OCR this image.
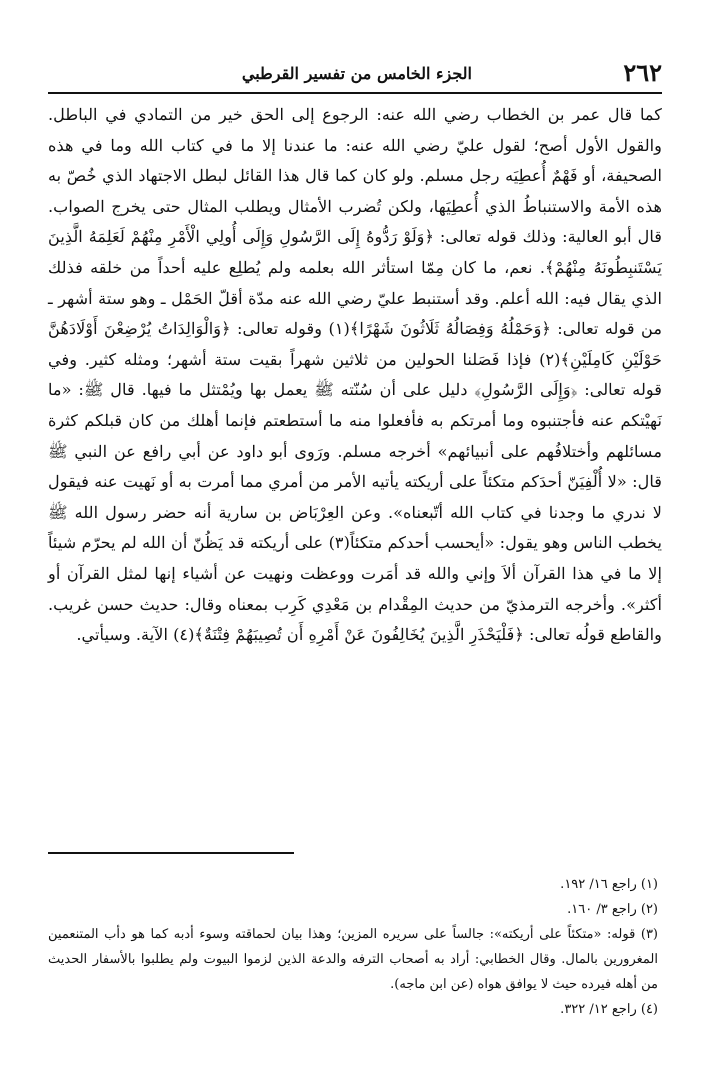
٢٦٢
الجزء الخامس من تفسير القرطبي

كما قال عمر بن الخطاب رضي الله عنه: الرجوع إلى الحق خير من التمادي في الباطل. والقول الأول أصح؛ لقول عليّ رضي الله عنه: ما عندنا إلا ما في كتاب الله وما في هذه الصحيفة، أو فَهْمٌ أُعطِيَه رجل مسلم. ولو كان كما قال هذا القائل لبطل الاجتهاد الذي خُصّ به هذه الأمة والاستنباطُ الذي أُعطِيَها، ولكن تُضرب الأمثال ويطلب المثال حتى يخرج الصواب. قال أبو العالية: وذلك قوله تعالى: ﴿وَلَوْ رَدُّوهُ إِلَى الرَّسُولِ وَإِلَى أُولِي الْأَمْرِ مِنْهُمْ لَعَلِمَهُ الَّذِينَ يَسْتَنبِطُونَهُ مِنْهُمْ﴾. نعم، ما كان مِمّا استأثر الله بعلمه ولم يُطلِع عليه أحداً من خلقه فذلك الذي يقال فيه: الله أعلم. وقد أستنبط عليّ رضي الله عنه مدّة أقلّ الحَمْل ـ وهو ستة أشهر ـ من قوله تعالى: ﴿وَحَمْلُهُ وَفِصَالُهُ ثَلَاثُونَ شَهْرًا﴾(١) وقوله تعالى: ﴿وَالْوَالِدَاتُ يُرْضِعْنَ أَوْلَادَهُنَّ حَوْلَيْنِ كَامِلَيْنِ﴾(٢) فإذا فَصَلنا الحولين من ثلاثين شهراً بقيت ستة أشهر؛ ومثله كثير. وفي قوله تعالى: ﴿وَإِلَى الرَّسُولِ﴾ دليل على أن سُنّته ﷺ يعمل بها ويُمْتثل ما فيها. قال ﷺ: «ما نَهيْتكم عنه فأجتنبوه وما أمرتكم به فأفعلوا منه ما أستطعتم فإنما أهلك من كان قبلكم كثرة مسائلهم وأختلافُهم على أنبيائهم» أخرجه مسلم. ورَوى أبو داود عن أبي رافع عن النبي ﷺ قال: «لا أُلْفِيَنّ أحدَكم متكئاً على أريكته يأتيه الأمر من أمري مما أمرت به أو نَهيت عنه فيقول لا ندري ما وجدنا في كتاب الله أتّبعناه». وعن العِرْبَاض بن سارية أنه حضر رسول الله ﷺ يخطب الناس وهو يقول: «أيحسب أحدكم متكئاً(٣) على أريكته قد يَظُنّ أن الله لم يحرّم شيئاً إلا ما في هذا القرآن ألاَ وإني والله قد أمَرت ووعظت ونهيت عن أشياء إنها لمثل القرآن أو أكثر». وأخرجه الترمذيّ من حديث المِقْدام بن مَعْدِي كَرِب بمعناه وقال: حديث حسن غريب. والقاطع قولُه تعالى: ﴿فَلْيَحْذَرِ الَّذِينَ يُخَالِفُونَ عَنْ أَمْرِهِ أَن تُصِيبَهُمْ فِتْنَةٌ﴾(٤) الآية. وسيأتي.

(١) راجع ١٦/ ١٩٢.

(٢) راجع ٣/ ١٦٠.

(٣) قوله: «متكئاً على أريكته»: جالساً على سريره المزين؛ وهذا بيان لحماقته وسوء أدبه كما هو دأب المتنعمين المغرورين بالمال. وقال الخطابي: أراد به أصحاب الترفه والدعة الذين لزموا البيوت ولم يطلبوا بالأسفار الحديث من أهله فيرده حيث لا يوافق هواه (عن ابن ماجه).

(٤) راجع ١٢/ ٣٢٢.
